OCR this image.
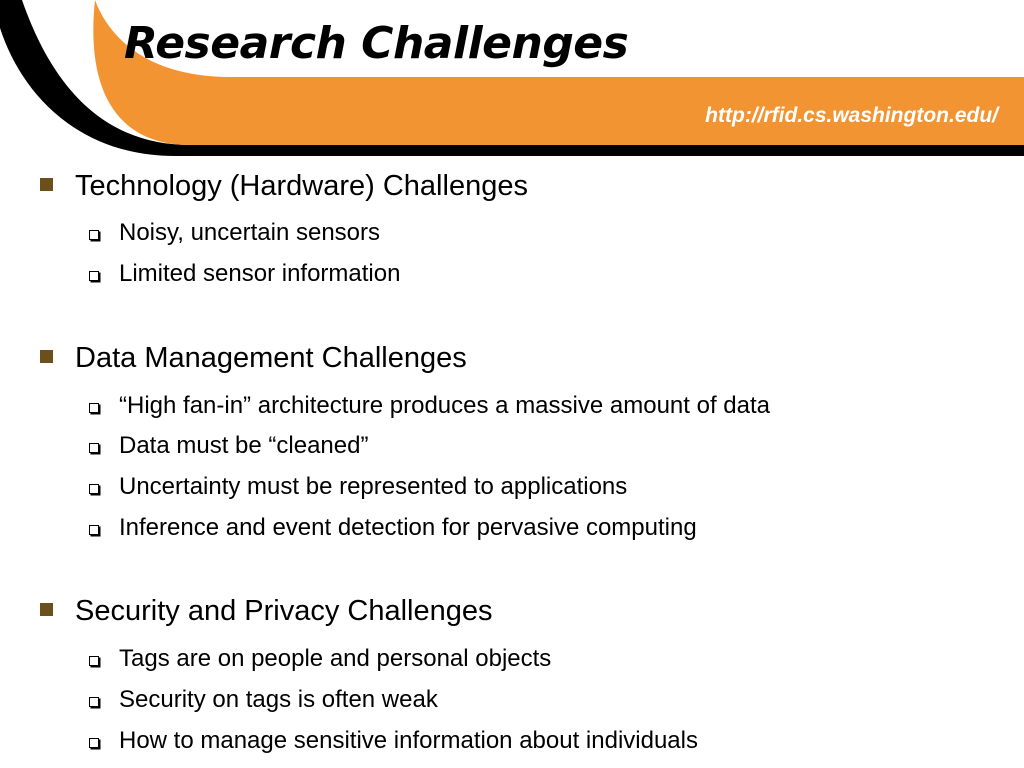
Research Challenges
http://rfid.cs.washington.edu/
Technology (Hardware) Challenges
Noisy, uncertain sensors
Limited sensor information
Data Management Challenges
“High fan-in” architecture produces a massive amount of data
Data must be “cleaned”
Uncertainty must be represented to applications
Inference and event detection for pervasive computing
Security and Privacy Challenges
Tags are on people and personal objects
Security on tags is often weak
How to manage sensitive information about individuals
